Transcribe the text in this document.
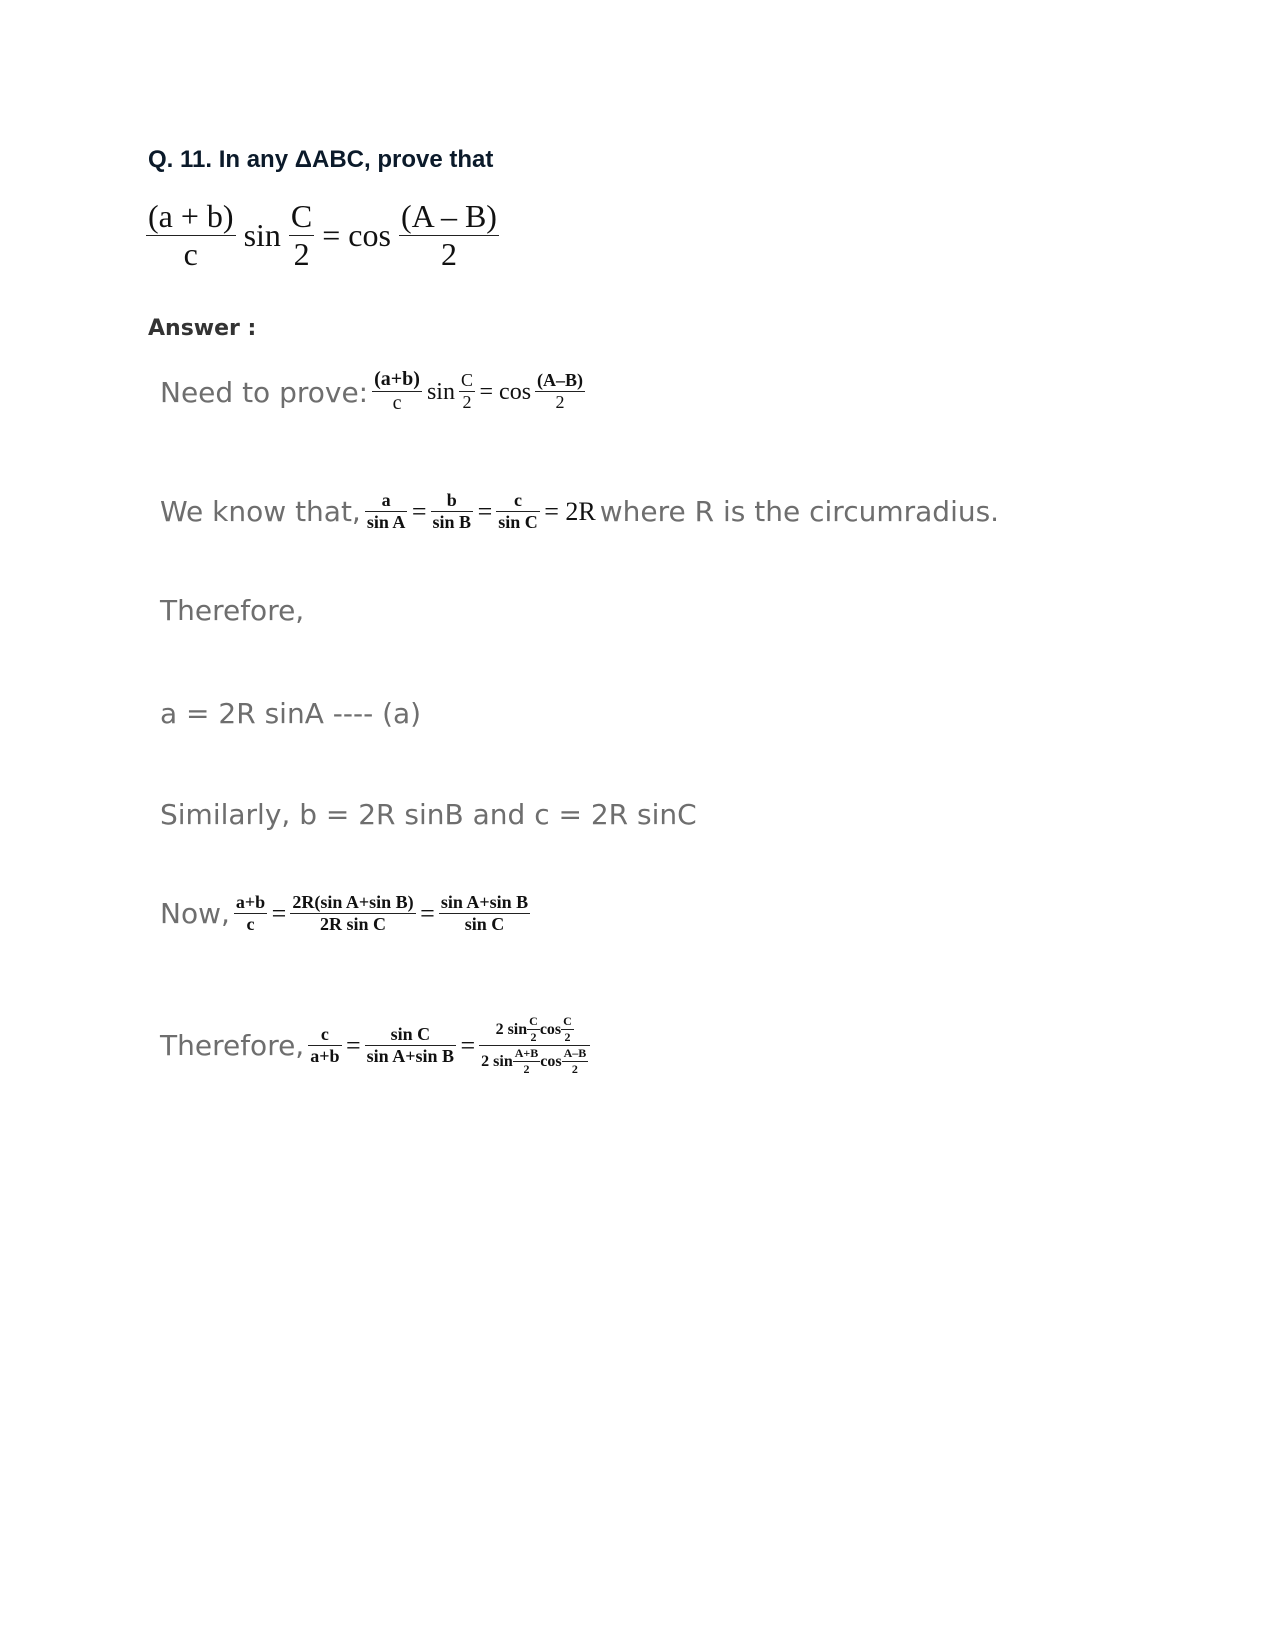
Q. 11. In any ΔABC, prove that
$\frac{(a + b)}{c}$ $\sin \frac{C}{2} = \cos \frac{(A - B)}{2}$
Answer :
Need to prove: $\frac{(a+b)}{c}$ $\sin \frac{C}{2} = \cos \frac{(A-B)}{2}$
We know that, $\frac{a}{\text{sin A}} = \frac{b}{\text{sin B}} = \frac{c}{\text{sin C}} = 2R$ where R is the circumradius.
Therefore,
a = 2R sinA ---- (a)
Similarly, b = 2R sinB and c = 2R sinC
Now, $\frac{a+b}{c} = \frac{\text{2R(sin A+sin B)}}{\text{2R sin C}} = \frac{\text{sin A+sin B}}{\text{sin C}}$
Therefore, $\frac{c}{a+b} = \frac{\text{sin C}}{\text{sin A+sin B}} = \frac{2 \sin \frac{C}{2} \cos \frac{C}{2}}{2 \sin \frac{A+B}{2} \cos \frac{A-B}{2}}$
